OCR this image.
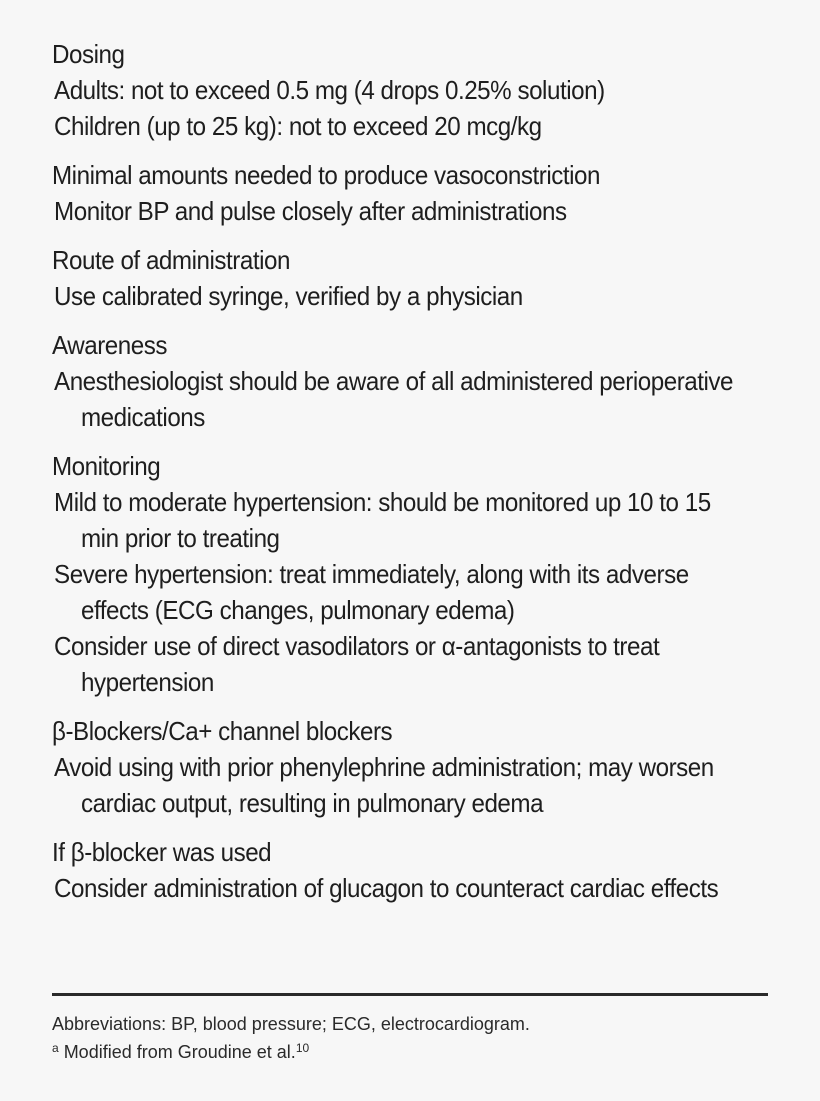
Dosing
Adults: not to exceed 0.5 mg (4 drops 0.25% solution)
Children (up to 25 kg): not to exceed 20 mcg/kg
Minimal amounts needed to produce vasoconstriction
Monitor BP and pulse closely after administrations
Route of administration
Use calibrated syringe, verified by a physician
Awareness
Anesthesiologist should be aware of all administered perioperative medications
Monitoring
Mild to moderate hypertension: should be monitored up 10 to 15 min prior to treating
Severe hypertension: treat immediately, along with its adverse effects (ECG changes, pulmonary edema)
Consider use of direct vasodilators or α-antagonists to treat hypertension
β-Blockers/Ca+ channel blockers
Avoid using with prior phenylephrine administration; may worsen cardiac output, resulting in pulmonary edema
If β-blocker was used
Consider administration of glucagon to counteract cardiac effects
Abbreviations: BP, blood pressure; ECG, electrocardiogram.
$^a$ Modified from Groudine et al.$^{10}$
